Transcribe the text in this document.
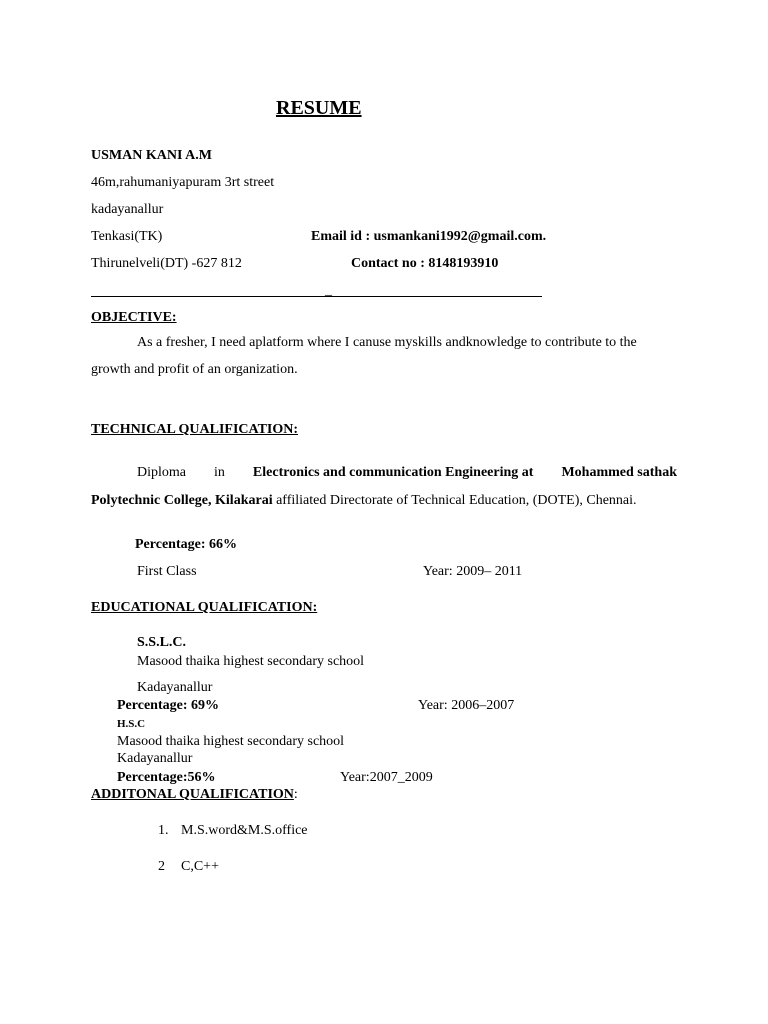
RESUME
USMAN KANI A.M
46m,rahumaniyapuram 3rt street
kadayanallur
Tenkasi(TK)
Thirunelveli(DT) -627 812
Email id : usmankani1992@gmail.com.
Contact no : 8148193910
_
OBJECTIVE:
As a fresher, I need aplatform where I canuse myskills andknowledge to contribute to the
growth and profit of an organization.
TECHNICAL QUALIFICATION:
Diploma in Electronics and communication Engineering at Mohammed sathak
Polytechnic College, Kilakarai affiliated Directorate of Technical Education, (DOTE), Chennai.
Percentage: 66%
First Class	Year: 2009– 2011
EDUCATIONAL QUALIFICATION:
S.S.L.C.
Masood thaika highest secondary school
Kadayanallur
Percentage: 69%	Year: 2006–2007
H.S.C
Masood thaika highest secondary school
Kadayanallur
Percentage:56%	Year:2007_2009
ADDITONAL QUALIFICATION:
1. M.S.word&M.S.office
2 C,C++
